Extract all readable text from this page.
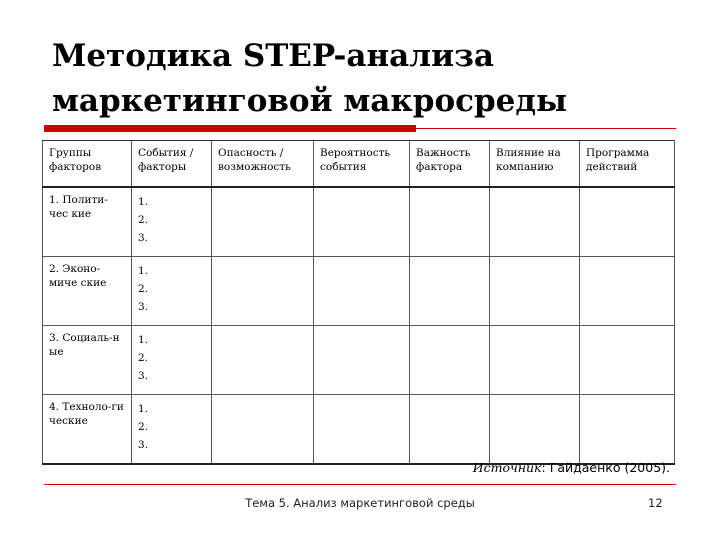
Методика STEP-анализа
маркетинговой макросреды
Группы факторов	События / факторы	Опасность / возможность	Вероятность события	Важность фактора	Влияние на компанию	Программа действий
1. Полити-чес кие	1.
2.
3.					

2. Эконо-миче ские	1.
2.
3.					

3. Социаль-н ые	1.
2.
3.					

4. Техноло-ги ческие	1.
2.
3.					

Источник: Гайдаенко (2005).
Тема 5. Анализ маркетинговой среды	12
